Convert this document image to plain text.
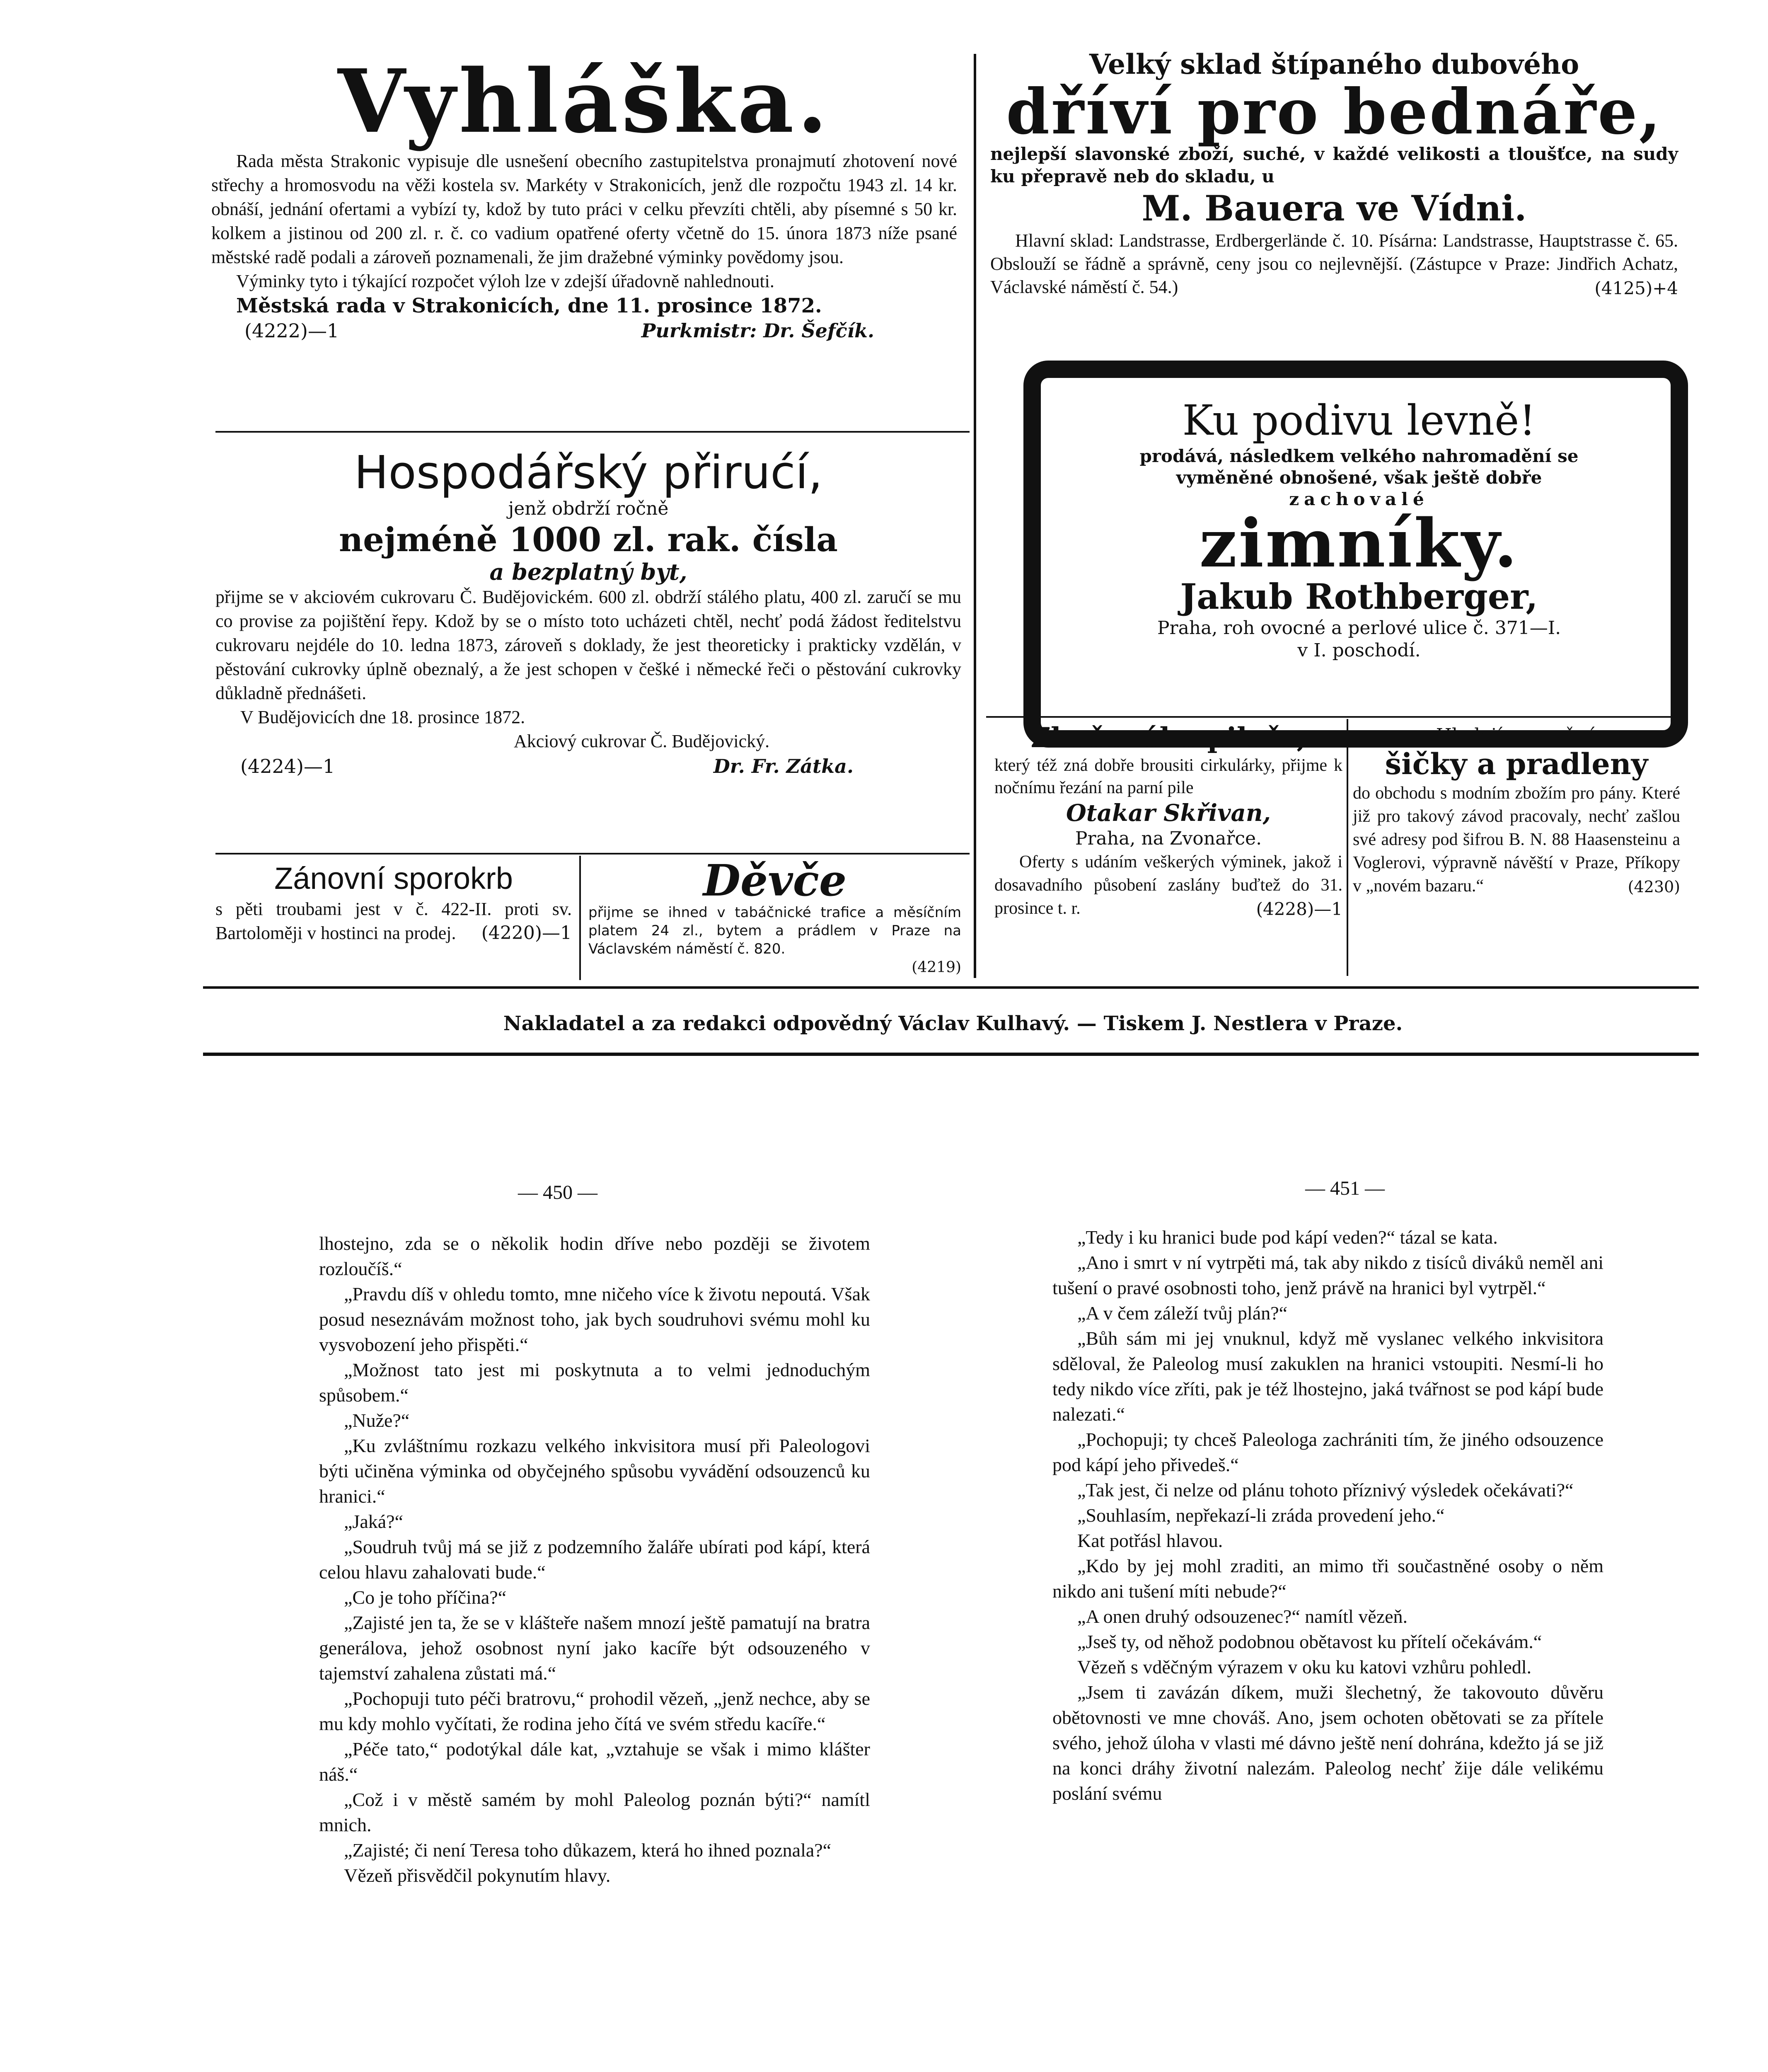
Vyhláška.

Rada města Strakonic vypisuje dle usnešení obecního zastupitelstva pronajmutí zhotovení nové střechy a hromosvodu na věži kostela sv. Markéty v Strakonicích, jenž dle rozpočtu 1943 zl. 14 kr. obnáší, jednání ofertami a vybízí ty, kdož by tuto práci v celku převzíti chtěli, aby písemné s 50 kr. kolkem a jistinou od 200 zl. r. č. co vadium opatřené oferty včetně do 15. února 1873 níže psané městské radě podali a zároveň poznamenali, že jim dražebné výminky povědomy jsou.

Výminky tyto i týkající rozpočet výloh lze v zdejší úřadovně nahlednouti.

Městská rada v Strakonicích, dne 11. prosince 1872.

(4222)—1	Purkmistr: Dr. Šefčík.
Hospodářský přirućí,
jenž obdrží ročně
nejméně 1000 zl. rak. čísla
a bezplatný byt,

přijme se v akciovém cukrovaru Č. Budějovickém. 600 zl. obdrží stálého platu, 400 zl. zaručí se mu co provise za pojištění řepy. Kdož by se o místo toto ucházeti chtěl, nechť podá žádost ředitelstvu cukrovaru nejdéle do 10. ledna 1873, zároveň s doklady, že jest theoreticky i prakticky vzdělán, v pěstování cukrovky úplně obeznalý, a že jest schopen v češké i německé řeči o pěstování cukrovky důkladně přednášeti.

V Budějovicích dne 18. prosince 1872.

Akciový cukrovar Č. Budějovický.

(4224)—1	Dr. Fr. Zátka.
Zánovní sporokrb

s pěti troubami jest v č. 422-II. proti sv. Bartoloměji v hostinci na prodej.	(4220)—1
Děvče

přijme se ihned v tabáčnické trafice a měsíčním platem 24 zl., bytem a prádlem v Praze na Václavském náměstí č. 820.

(4219)
Velký sklad štípaného dubového
dříví pro bednáře,

nejlepší slavonské zboží, suché, v každé velikosti a tloušťce, na sudy ku přepravě neb do skladu, u

M. Bauera ve Vídni.

Hlavní sklad: Landstrasse, Erdbergerlände č. 10. Písárna: Landstrasse, Hauptstrasse č. 65. Obslouží se řádně a správně, ceny jsou co nejlevnější. (Zástupce v Praze: Jindřich Achatz, Václavské náměstí č. 54.)	(4125)+4
Ku podivu levně!
prodává, následkem velkého nahromadění se
vyměněné obnošené, však ještě dobře
zachovalé
zimníky.
Jakub Rothberger,
Praha, roh ovocné a perlové ulice č. 371—I.
v I. poschodí.
Zkušeného pilaře,

který též zná dobře brousiti cirkulárky, přijme k nočnímu řezání na parní pile

Otakar Skřivan,
Praha, na Zvonařce.

Oferty s udáním veškerých výminek, jakož i dosavadního působení zaslány buďtež do 31. prosince t. r.	(4228)—1
Hledají se zručné
šičky a pradleny

do obchodu s modním zbožím pro pány. Které již pro takový závod pracovaly, nechť zašlou své adresy pod šifrou B. N. 88 Haasensteinu a Voglerovi, výpravně návěští v Praze, Příkopy v „novém bazaru.“	(4230)
Nakladatel a za redakci odpovědný Václav Kulhavý. — Tiskem J. Nestlera v Praze.
— 450 —	— 451 —

lhostejno, zda se o několik hodin dříve nebo později se životem rozloučíš.“

„Pravdu díš v ohledu tomto, mne ničeho více k životu nepoutá. Však posud neseznávám možnost toho, jak bych soudruhovi svému mohl ku vysvobození jeho přispěti.“

„Možnost tato jest mi poskytnuta a to velmi jednoduchým spůsobem.“

„Nuže?“

„Ku zvláštnímu rozkazu velkého inkvisitora musí při Paleologovi býti učiněna výminka od obyčejného spůsobu vyvádění odsouzenců ku hranici.“

„Jaká?“

„Soudruh tvůj má se již z podzemního žaláře ubírati pod kápí, která celou hlavu zahalovati bude.“

„Co je toho příčina?“

„Zajisté jen ta, že se v klášteře našem mnozí ještě pamatují na bratra generálova, jehož osobnost nyní jako kacíře být odsouzeného v tajemství zahalena zůstati má.“

„Pochopuji tuto péči bratrovu,“ prohodil vězeň, „jenž nechce, aby se mu kdy mohlo vyčítati, že rodina jeho čítá ve svém středu kacíře.“

„Péče tato,“ podotýkal dále kat, „vztahuje se však i mimo klášter náš.“

„Což i v městě samém by mohl Paleolog poznán býti?“ namítl mnich.

„Zajisté; či není Teresa toho důkazem, která ho ihned poznala?“

Vězeň přisvědčil pokynutím hlavy.

„Tedy i ku hranici bude pod kápí veden?“ tázal se kata.

„Ano i smrt v ní vytrpěti má, tak aby nikdo z tisíců diváků neměl ani tušení o pravé osobnosti toho, jenž právě na hranici byl vytrpěl.“

„A v čem záleží tvůj plán?“

„Bůh sám mi jej vnuknul, když mě vyslanec velkého inkvisitora sděloval, že Paleolog musí zakuklen na hranici vstoupiti. Nesmí-li ho tedy nikdo více zříti, pak je též lhostejno, jaká tvářnost se pod kápí bude nalezati.“

„Pochopuji; ty chceš Paleologa zachrániti tím, že jiného odsouzence pod kápí jeho přivedeš.“

„Tak jest, či nelze od plánu tohoto příznivý výsledek očekávati?“

„Souhlasím, nepřekazí-li zráda provedení jeho.“

Kat potřásl hlavou.

„Kdo by jej mohl zraditi, an mimo tři součastněné osoby o něm nikdo ani tušení míti nebude?“

„A onen druhý odsouzenec?“ namítl vězeň.

„Jseš ty, od něhož podobnou obětavost ku přítelí očekávám.“

Vězeň s vděčným výrazem v oku ku katovi vzhůru pohledl.

„Jsem ti zavázán díkem, muži šlechetný, že takovouto důvěru obětovnosti ve mne chováš. Ano, jsem ochoten obětovati se za přítele svého, jehož úloha v vlasti mé dávno ještě není dohrána, kdežto já se již na konci dráhy životní nalezám. Paleolog nechť žije dále velikému poslání svému
